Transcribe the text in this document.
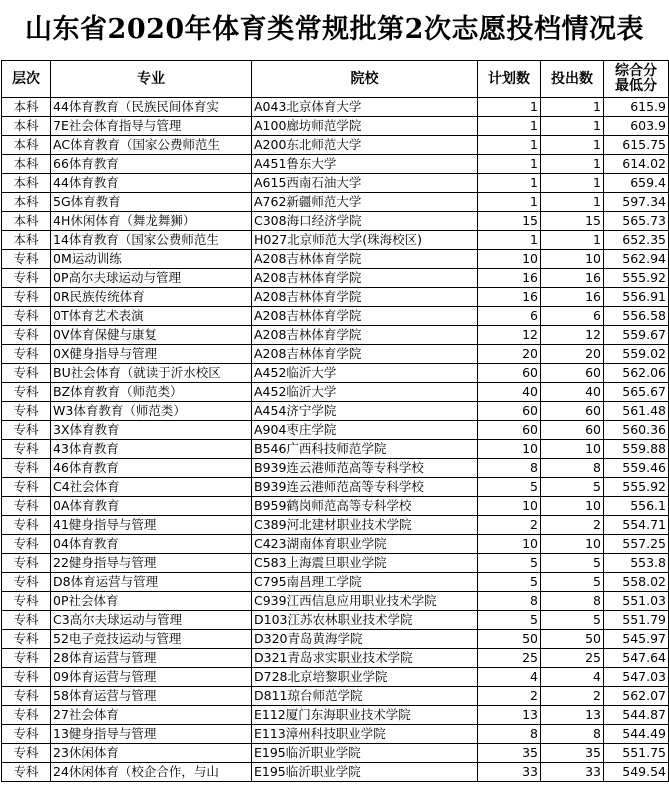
山东省2020年体育类常规批第2次志愿投档情况表
层次	专业	院校	计划数	投出数	综合分
最低分
本科	44体育教育（民族民间体育实	A043北京体育大学	1	1	615.9
本科	7E社会体育指导与管理	A100廊坊师范学院	1	1	603.9
本科	AC体育教育（国家公费师范生	A200东北师范大学	1	1	615.75
本科	66体育教育	A451鲁东大学	1	1	614.02
本科	44体育教育	A615西南石油大学	1	1	659.4
本科	5G体育教育	A762新疆师范大学	1	1	597.34
本科	4H休闲体育（舞龙舞狮）	C308海口经济学院	15	15	565.73
本科	14体育教育（国家公费师范生	H027北京师范大学(珠海校区)	1	1	652.35
专科	0M运动训练	A208吉林体育学院	10	10	562.94
专科	0P高尔夫球运动与管理	A208吉林体育学院	16	16	555.92
专科	0R民族传统体育	A208吉林体育学院	16	16	556.91
专科	0T体育艺术表演	A208吉林体育学院	6	6	556.58
专科	0V体育保健与康复	A208吉林体育学院	12	12	559.67
专科	0X健身指导与管理	A208吉林体育学院	20	20	559.02
专科	BU社会体育（就读于沂水校区	A452临沂大学	60	60	562.06
专科	BZ体育教育（师范类）	A452临沂大学	40	40	565.67
专科	W3体育教育（师范类）	A454济宁学院	60	60	561.48
专科	3X体育教育	A904枣庄学院	60	60	560.36
专科	43体育教育	B546广西科技师范学院	10	10	559.88
专科	46体育教育	B939连云港师范高等专科学校	8	8	559.46
专科	C4社会体育	B939连云港师范高等专科学校	5	5	555.92
专科	0A体育教育	B959鹤岗师范高等专科学校	10	10	556.1
专科	41健身指导与管理	C389河北建材职业技术学院	2	2	554.71
专科	04体育教育	C423湖南体育职业学院	10	10	557.25
专科	22健身指导与管理	C583上海震旦职业学院	5	5	553.8
专科	D8体育运营与管理	C795南昌理工学院	5	5	558.02
专科	0P社会体育	C939江西信息应用职业技术学院	8	8	551.03
专科	C3高尔夫球运动与管理	D103江苏农林职业技术学院	5	5	551.79
专科	52电子竞技运动与管理	D320青岛黄海学院	50	50	545.97
专科	28体育运营与管理	D321青岛求实职业技术学院	25	25	547.64
专科	09体育运营与管理	D728北京培黎职业学院	4	4	547.03
专科	58体育运营与管理	D811琼台师范学院	2	2	562.07
专科	27社会体育	E112厦门东海职业技术学院	13	13	544.87
专科	13健身指导与管理	E113漳州科技职业学院	8	8	544.49
专科	23休闲体育	E195临沂职业学院	35	35	551.75
专科	24休闲体育（校企合作，与山	E195临沂职业学院	33	33	549.54
